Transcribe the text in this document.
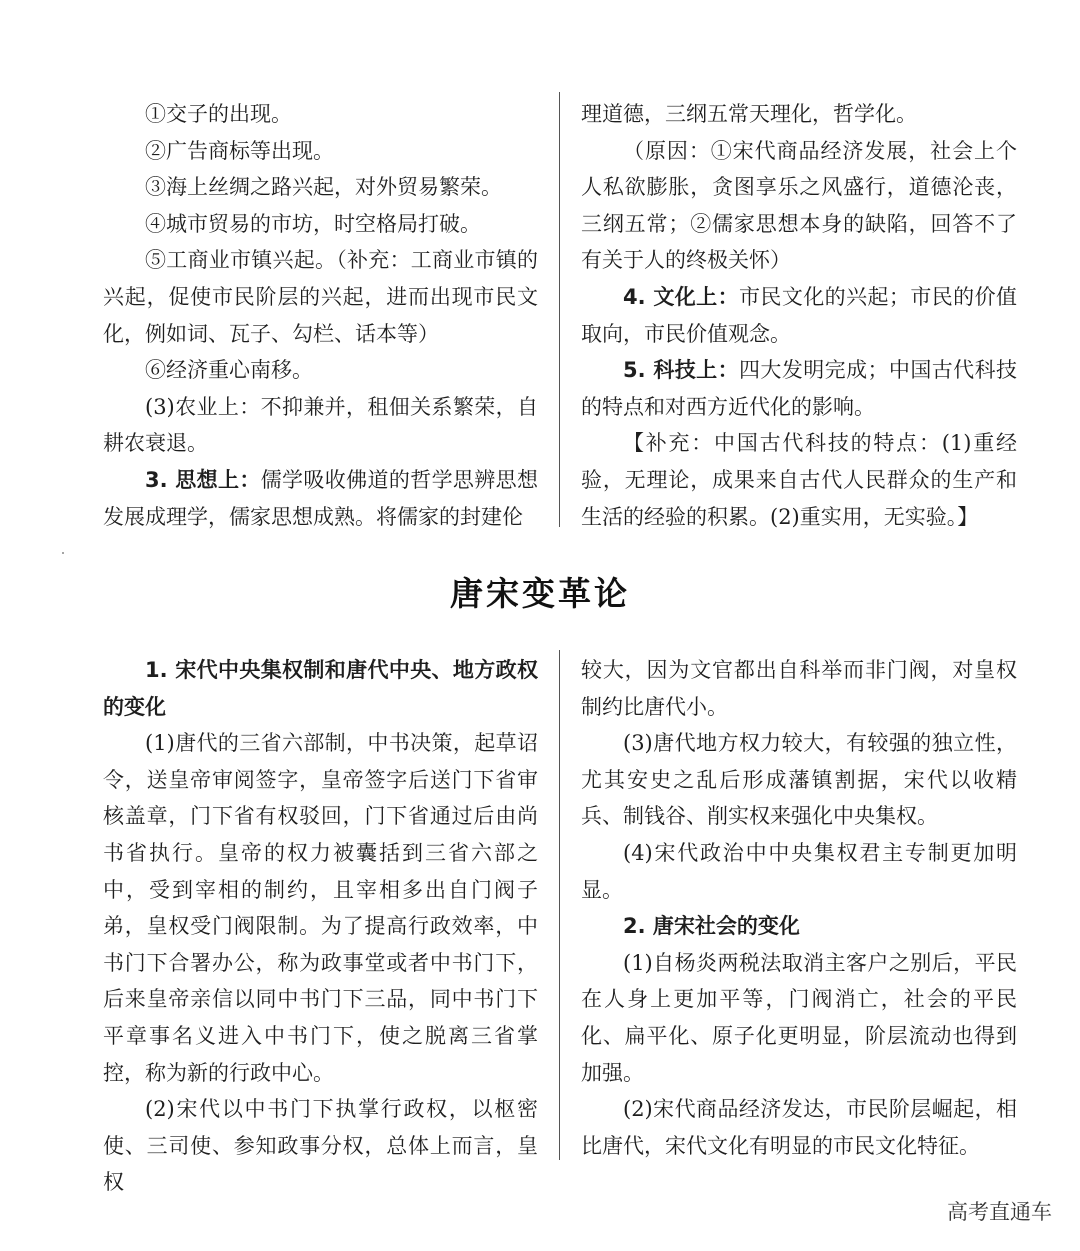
①交子的出现。

②广告商标等出现。

③海上丝绸之路兴起，对外贸易繁荣。

④城市贸易的市坊，时空格局打破。

⑤工商业市镇兴起。（补充：工商业市镇的兴起，促使市民阶层的兴起，进而出现市民文化，例如词、瓦子、勾栏、话本等）

⑥经济重心南移。

(3)农业上：不抑兼并，租佃关系繁荣，自耕农衰退。

3. 思想上：儒学吸收佛道的哲学思辨思想发展成理学，儒家思想成熟。将儒家的封建伦

理道德，三纲五常天理化，哲学化。

（原因：①宋代商品经济发展，社会上个人私欲膨胀，贪图享乐之风盛行，道德沦丧，三纲五常；②儒家思想本身的缺陷，回答不了有关于人的终极关怀）

4. 文化上：市民文化的兴起；市民的价值取向，市民价值观念。

5. 科技上：四大发明完成；中国古代科技的特点和对西方近代化的影响。

【补充：中国古代科技的特点：(1)重经验，无理论，成果来自古代人民群众的生产和生活的经验的积累。(2)重实用，无实验。】

唐宋变革论

1. 宋代中央集权制和唐代中央、地方政权的变化

(1)唐代的三省六部制，中书决策，起草诏令，送皇帝审阅签字，皇帝签字后送门下省审核盖章，门下省有权驳回，门下省通过后由尚书省执行。皇帝的权力被囊括到三省六部之中，受到宰相的制约，且宰相多出自门阀子弟，皇权受门阀限制。为了提高行政效率，中书门下合署办公，称为政事堂或者中书门下，后来皇帝亲信以同中书门下三品，同中书门下平章事名义进入中书门下，使之脱离三省掌控，称为新的行政中心。

(2)宋代以中书门下执掌行政权，以枢密使、三司使、参知政事分权，总体上而言，皇权

较大，因为文官都出自科举而非门阀，对皇权制约比唐代小。

(3)唐代地方权力较大，有较强的独立性，尤其安史之乱后形成藩镇割据，宋代以收精兵、制钱谷、削实权来强化中央集权。

(4)宋代政治中中央集权君主专制更加明显。

2. 唐宋社会的变化

(1)自杨炎两税法取消主客户之别后，平民在人身上更加平等，门阀消亡，社会的平民化、扁平化、原子化更明显，阶层流动也得到加强。

(2)宋代商品经济发达，市民阶层崛起，相比唐代，宋代文化有明显的市民文化特征。

高考直通车
